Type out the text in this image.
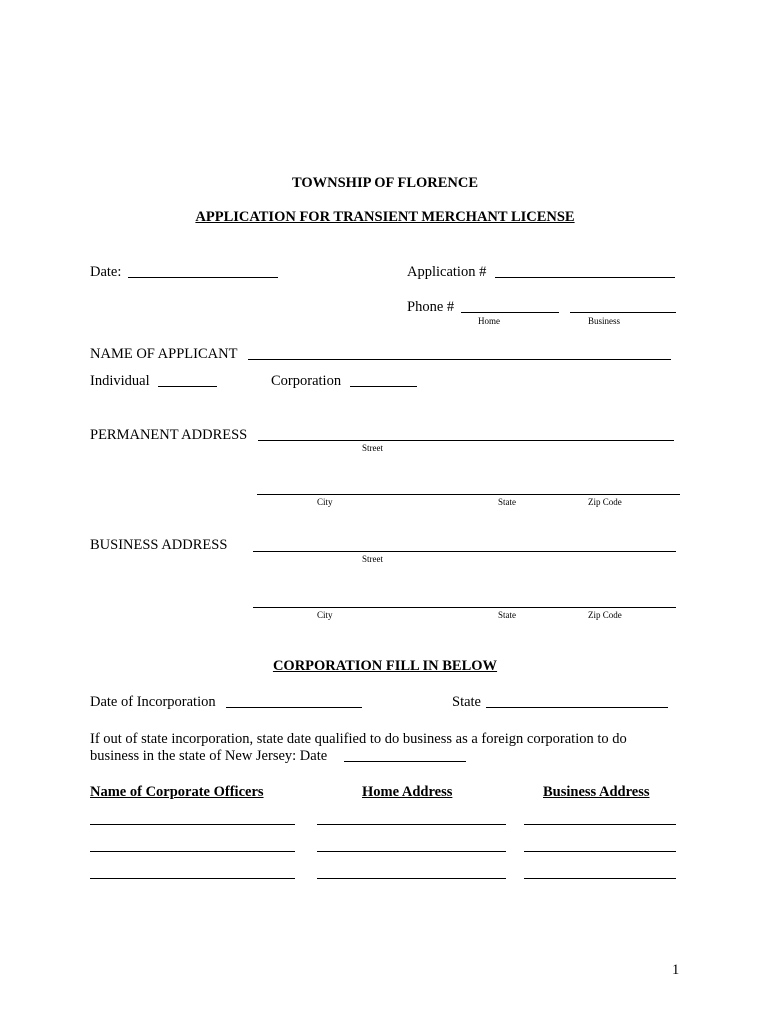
TOWNSHIP OF FLORENCE
APPLICATION FOR TRANSIENT MERCHANT LICENSE
Date:	Application #
Phone #
Home	Business
NAME OF APPLICANT
Individual	Corporation
PERMANENT ADDRESS
Street
City	State	Zip Code
BUSINESS ADDRESS
Street
City	State	Zip Code
CORPORATION FILL IN BELOW
Date of Incorporation	State
If out of state incorporation, state date qualified to do business as a foreign corporation to do
business in the state of New Jersey: Date
Name of Corporate Officers	Home Address	Business Address
1
